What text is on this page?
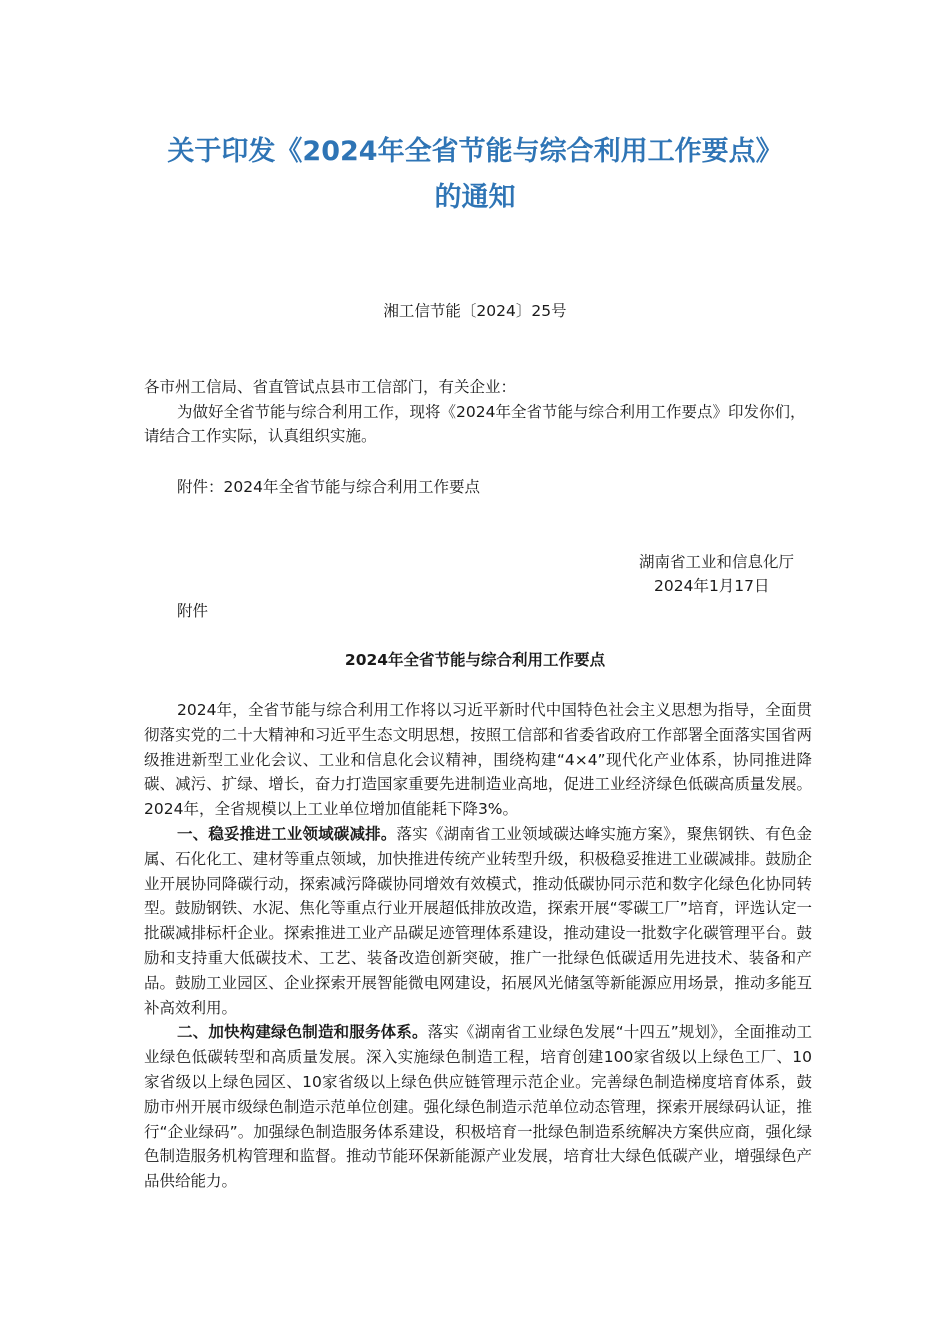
关于印发《2024年全省节能与综合利用工作要点》
的通知
湘工信节能〔2024〕25号

各市州工信局、省直管试点县市工信部门，有关企业：

为做好全省节能与综合利用工作，现将《2024年全省节能与综合利用工作要点》印发你们，请结合工作实际，认真组织实施。

附件：2024年全省节能与综合利用工作要点

湖南省工业和信息化厅
2024年1月17日
附件
2024年全省节能与综合利用工作要点

2024年，全省节能与综合利用工作将以习近平新时代中国特色社会主义思想为指导，全面贯彻落实党的二十大精神和习近平生态文明思想，按照工信部和省委省政府工作部署全面落实国省两级推进新型工业化会议、工业和信息化会议精神，围绕构建“4×4”现代化产业体系，协同推进降碳、减污、扩绿、增长，奋力打造国家重要先进制造业高地，促进工业经济绿色低碳高质量发展。2024年，全省规模以上工业单位增加值能耗下降3%。

一、稳妥推进工业领域碳减排。落实《湖南省工业领域碳达峰实施方案》，聚焦钢铁、有色金属、石化化工、建材等重点领域，加快推进传统产业转型升级，积极稳妥推进工业碳减排。鼓励企业开展协同降碳行动，探索减污降碳协同增效有效模式，推动低碳协同示范和数字化绿色化协同转型。鼓励钢铁、水泥、焦化等重点行业开展超低排放改造，探索开展“零碳工厂”培育，评选认定一批碳减排标杆企业。探索推进工业产品碳足迹管理体系建设，推动建设一批数字化碳管理平台。鼓励和支持重大低碳技术、工艺、装备改造创新突破，推广一批绿色低碳适用先进技术、装备和产品。鼓励工业园区、企业探索开展智能微电网建设，拓展风光储氢等新能源应用场景，推动多能互补高效利用。

二、加快构建绿色制造和服务体系。落实《湖南省工业绿色发展“十四五”规划》，全面推动工业绿色低碳转型和高质量发展。深入实施绿色制造工程，培育创建100家省级以上绿色工厂、10家省级以上绿色园区、10家省级以上绿色供应链管理示范企业。完善绿色制造梯度培育体系，鼓励市州开展市级绿色制造示范单位创建。强化绿色制造示范单位动态管理，探索开展绿码认证，推行“企业绿码”。加强绿色制造服务体系建设，积极培育一批绿色制造系统解决方案供应商，强化绿色制造服务机构管理和监督。推动节能环保新能源产业发展，培育壮大绿色低碳产业，增强绿色产品供给能力。
